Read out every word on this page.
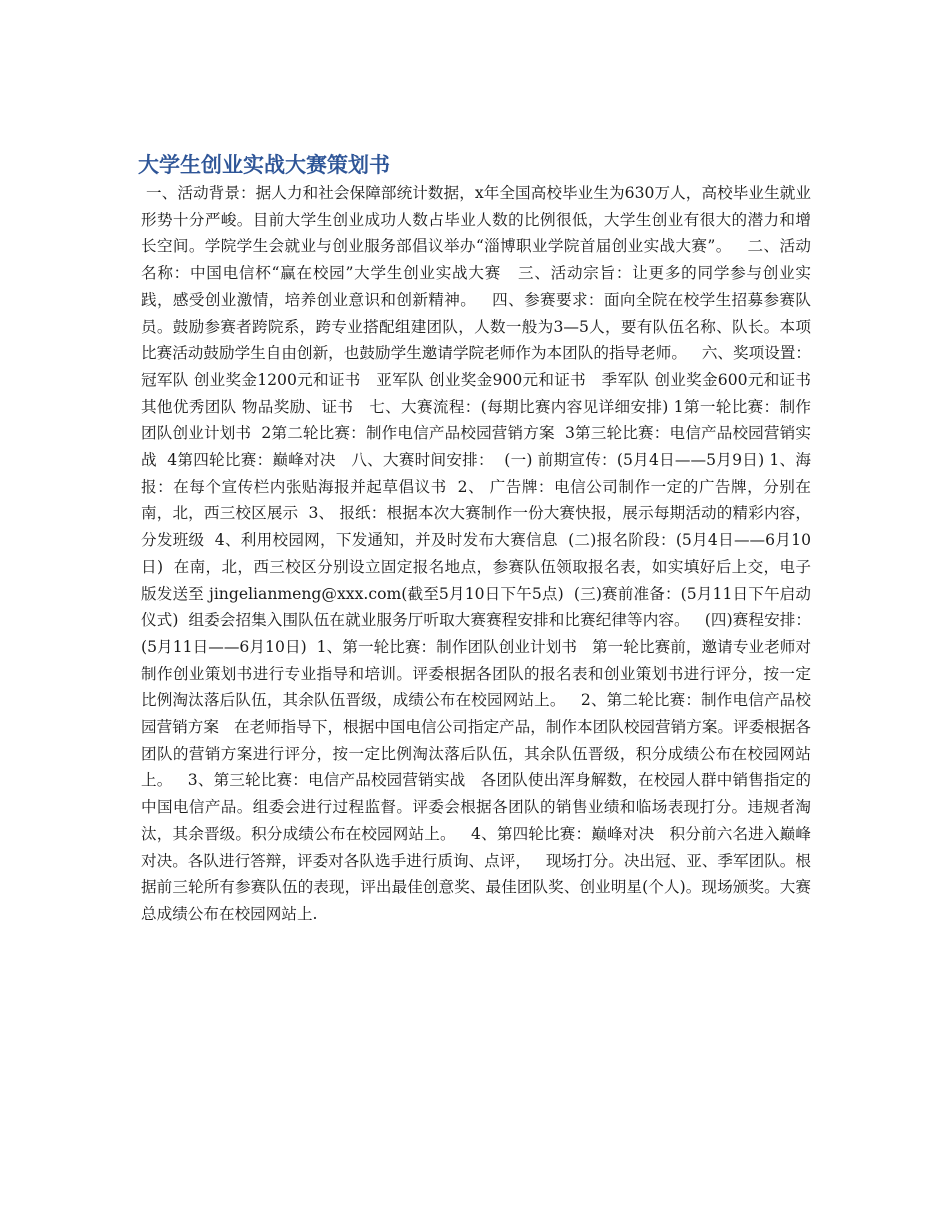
大学生创业实战大赛策划书

一、活动背景：据人力和社会保障部统计数据，x年全国高校毕业生为630万人，高校毕业生就业形势十分严峻。目前大学生创业成功人数占毕业人数的比例很低，大学生创业有很大的潜力和增长空间。学院学生会就业与创业服务部倡议举办“淄博职业学院首届创业实战大赛”。   二、活动名称：中国电信杯“赢在校园”大学生创业实战大赛   三、活动宗旨：让更多的同学参与创业实践，感受创业激情，培养创业意识和创新精神。   四、参赛要求：面向全院在校学生招募参赛队员。鼓励参赛者跨院系，跨专业搭配组建团队，人数一般为3—5人，要有队伍名称、队长。本项比赛活动鼓励学生自由创新，也鼓励学生邀请学院老师作为本团队的指导老师。   六、奖项设置： 冠军队 创业奖金1200元和证书   亚军队 创业奖金900元和证书   季军队 创业奖金600元和证书   其他优秀团队 物品奖励、证书   七、大赛流程：(每期比赛内容见详细安排) 1第一轮比赛：制作团队创业计划书  2第二轮比赛：制作电信产品校园营销方案  3第三轮比赛：电信产品校园营销实战  4第四轮比赛：巅峰对决   八、大赛时间安排：  (一) 前期宣传：(5月4日——5月9日) 1、海报：在每个宣传栏内张贴海报并起草倡议书  2、 广告牌：电信公司制作一定的广告牌，分别在南，北，西三校区展示  3、 报纸：根据本次大赛制作一份大赛快报，展示每期活动的精彩内容，分发班级  4、利用校园网，下发通知，并及时发布大赛信息  (二)报名阶段：(5月4日——6月10日)  在南，北，西三校区分别设立固定报名地点，参赛队伍领取报名表，如实填好后上交，电子版发送至 jingelianmeng@xxx.com(截至5月10日下午5点)  (三)赛前准备：(5月11日下午启动仪式)  组委会招集入围队伍在就业服务厅听取大赛赛程安排和比赛纪律等内容。   (四)赛程安排：(5月11日——6月10日)  1、第一轮比赛：制作团队创业计划书   第一轮比赛前，邀请专业老师对制作创业策划书进行专业指导和培训。评委根据各团队的报名表和创业策划书进行评分，按一定比例淘汰落后队伍，其余队伍晋级，成绩公布在校园网站上。   2、第二轮比赛：制作电信产品校园营销方案   在老师指导下，根据中国电信公司指定产品，制作本团队校园营销方案。评委根据各团队的营销方案进行评分，按一定比例淘汰落后队伍，其余队伍晋级，积分成绩公布在校园网站上。   3、第三轮比赛：电信产品校园营销实战   各团队使出浑身解数，在校园人群中销售指定的中国电信产品。组委会进行过程监督。评委会根据各团队的销售业绩和临场表现打分。违规者淘汰，其余晋级。积分成绩公布在校园网站上。   4、第四轮比赛：巅峰对决   积分前六名进入巅峰对决。各队进行答辩，评委对各队选手进行质询、点评，   现场打分。决出冠、亚、季军团队。根据前三轮所有参赛队伍的表现，评出最佳创意奖、最佳团队奖、创业明星(个人)。现场颁奖。大赛总成绩公布在校园网站上.
